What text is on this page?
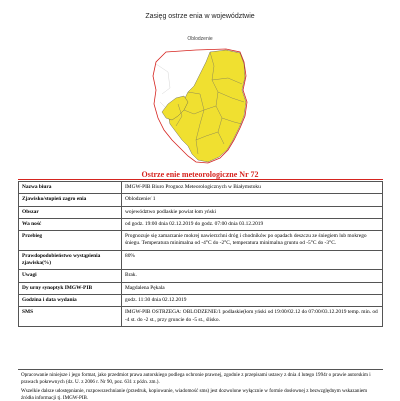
Zasięg ostrze enia w województwie
Oblodzenie
Ostrze enie meteorologiczne Nr 72
Nazwa biura	IMGW-PIB Biuro Prognoz Meteorologicznych w Białymstoku
Zjawisko/stopień zagro enia	Oblodzenie/ 1
Obszar	województwo podlaskie powiat łom yński
Wa ność	od godz. 19:00 dnia 02.12.2019 do godz. 07:00 dnia 03.12.2019
Przebieg	Prognozuje się zamarzanie mokrej nawierzchni dróg i chodników po opadach deszczu ze śniegiem lub mokrego śniegu. Temperatura minimalna od -4°C do -2°C, temperatura minimalna gruntu od -5°C do -3°C.
Prawdopodobieństwo wystąpienia zjawiska(%)	80%
Uwagi	Brak.
Dy urny synoptyk IMGW-PIB	Magdalena Pękala
Godzina i data wydania	godz. 11:30 dnia 02.12.2019
SMS	IMGW-PIB OSTRZEGA: OBLODZENIE/1 podlaskie(łom yński od 19:00/02.12 do 07:00/03.12.2019 temp. min. od -4 st. do -2 st., przy gruncie do -5 st., ślisko.

Opracowanie niniejsze i jego format, jako przedmiot prawa autorskiego podlega ochronie prawnej, zgodnie z przepisami ustawy z dnia 4 lutego 1994r o prawie autorskim i prawach pokrewnych (dz. U. z 2006 r. Nr 90, poz. 631 z późn. zm.).

Wszelkie dalsze udostępnianie, rozpowszechnianie (przedruk, kopiowanie, wiadomość sms) jest dozwolone wyłącznie w formie dosłownej z bezwzględnym wskazaniem źródła informacji tj. IMGW-PIB.
